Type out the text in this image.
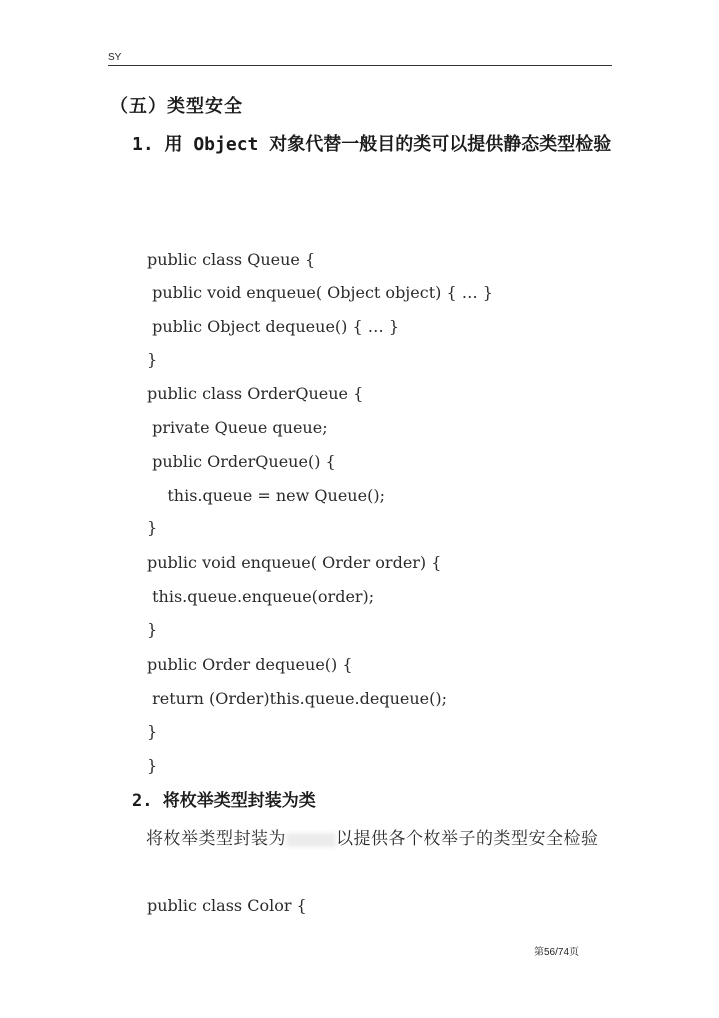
SY
（五）类型安全
1. 用 Object 对象代替一般目的类可以提供静态类型检验
public class Queue {
public void enqueue( Object object) { … }
public Object dequeue() { … }
}
public class OrderQueue {
private Queue queue;
public OrderQueue() {
this.queue = new Queue();
}
public void enqueue( Order order) {
this.queue.enqueue(order);
}
public Order dequeue() {
return (Order)this.queue.dequeue();
}
}
2. 将枚举类型封装为类
将枚举类型封装为	以提供各个枚举子的类型安全检验
public class Color {
第56/74页
